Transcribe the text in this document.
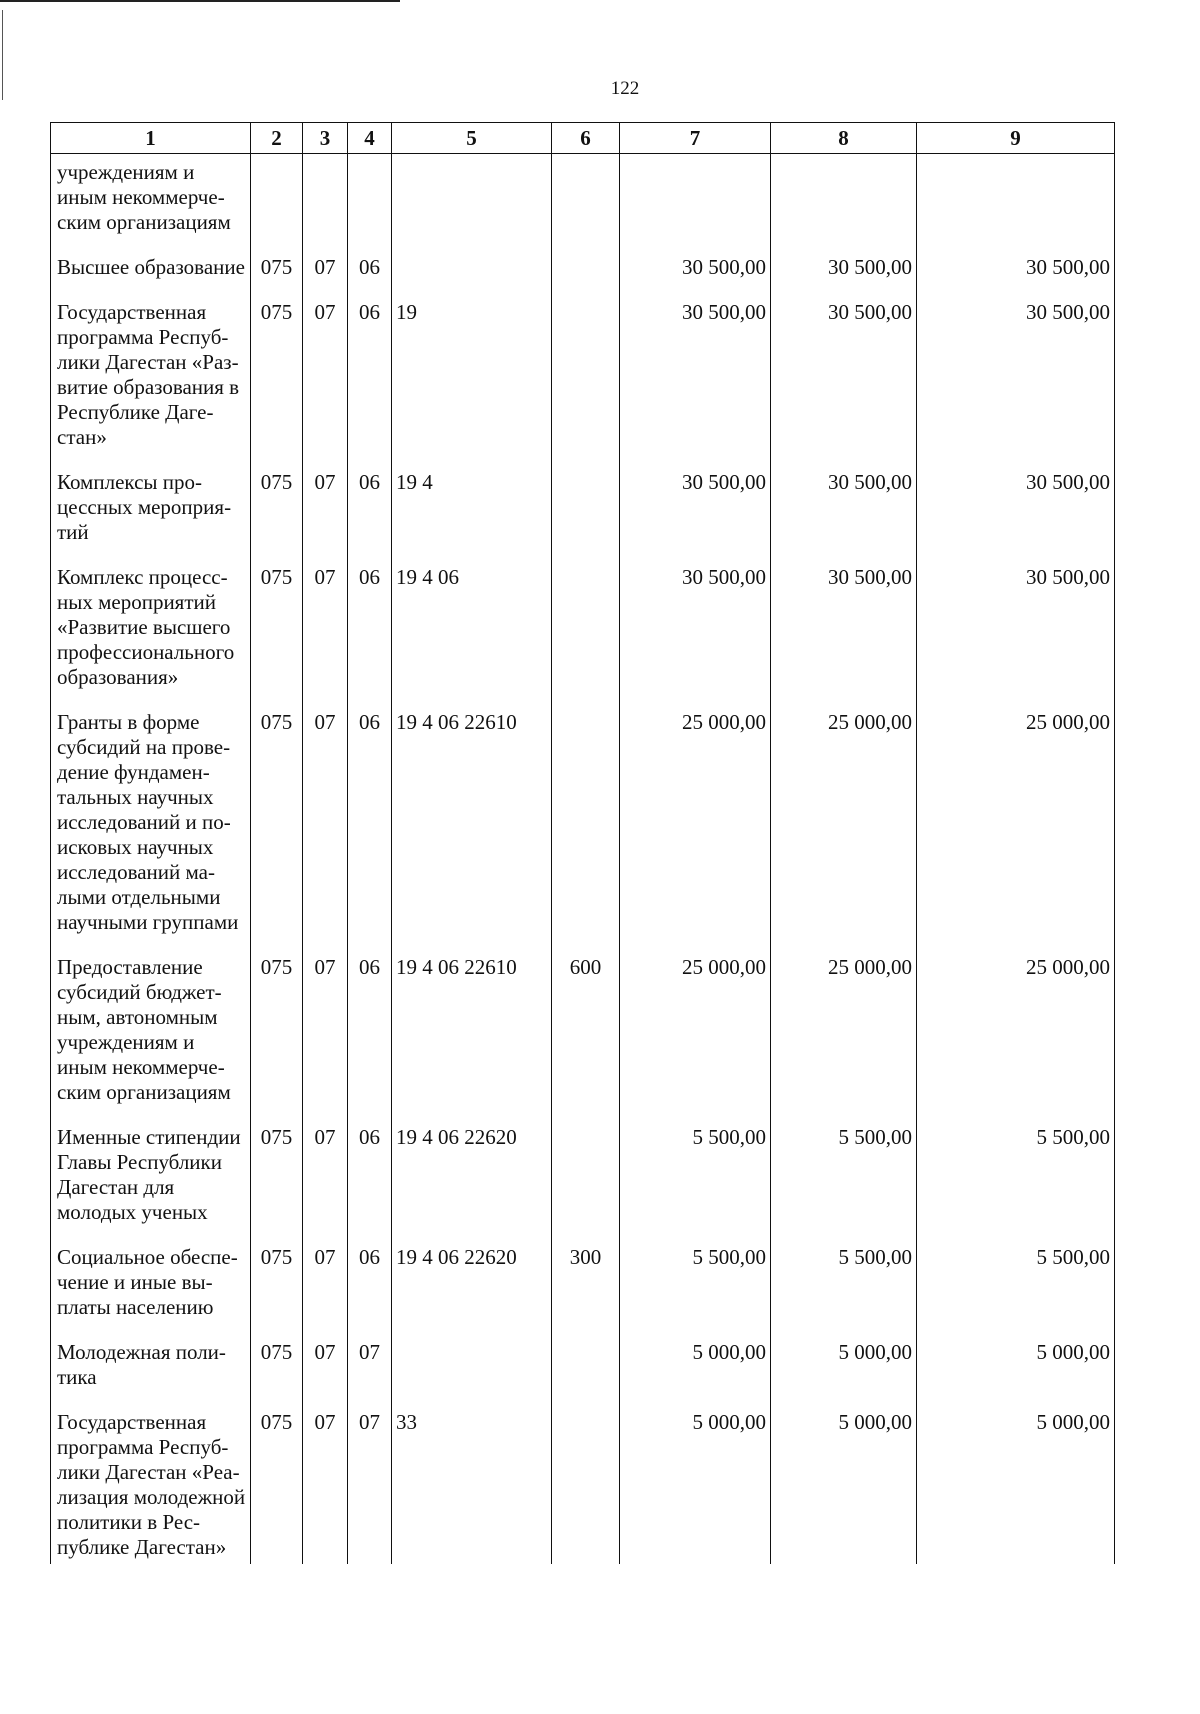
122
1	2	3	4	5	6	7	8	9
учреждениям и иным некоммерческим организациям								
Высшее образование	075	07	06			30 500,00	30 500,00	30 500,00
Государственная программа Республики Дагестан «Развитие образования в Республике Дагестан»	075	07	06	19		30 500,00	30 500,00	30 500,00
Комплексы процессных мероприятий	075	07	06	19 4		30 500,00	30 500,00	30 500,00
Комплекс процессных мероприятий «Развитие высшего профессионального образования»	075	07	06	19 4 06		30 500,00	30 500,00	30 500,00
Гранты в форме субсидий на проведение фундаментальных научных исследований и поисковых научных исследований малыми отдельными научными группами	075	07	06	19 4 06 22610		25 000,00	25 000,00	25 000,00
Предоставление субсидий бюджетным, автономным учреждениям и иным некоммерческим организациям	075	07	06	19 4 06 22610	600	25 000,00	25 000,00	25 000,00
Именные стипендии Главы Республики Дагестан для молодых ученых	075	07	06	19 4 06 22620		5 500,00	5 500,00	5 500,00
Социальное обеспечение и иные выплаты населению	075	07	06	19 4 06 22620	300	5 500,00	5 500,00	5 500,00
Молодежная политика	075	07	07			5 000,00	5 000,00	5 000,00
Государственная программа Республики Дагестан «Реализация молодежной политики в Республике Дагестан»	075	07	07	33		5 000,00	5 000,00	5 000,00
